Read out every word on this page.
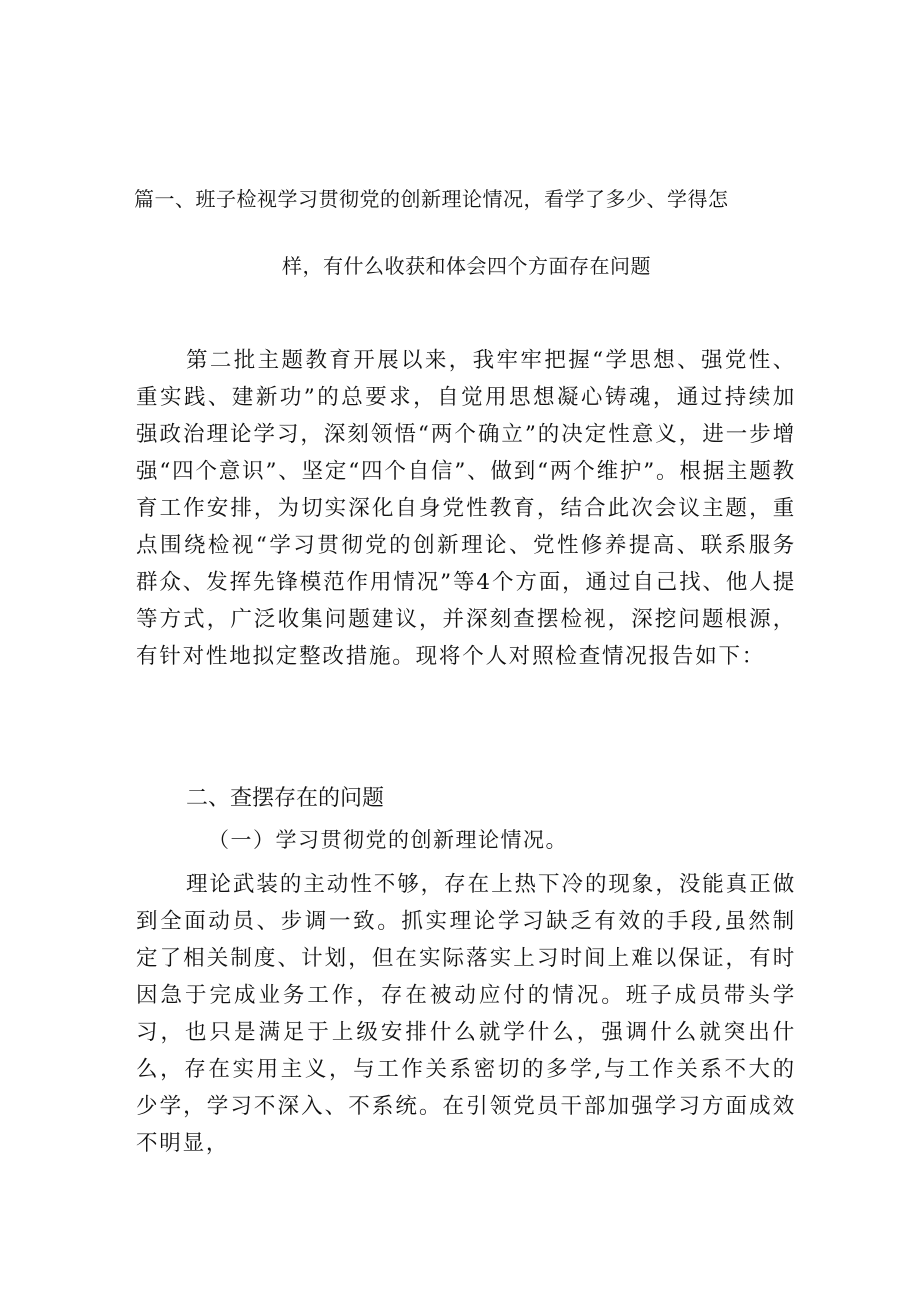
篇一、班子检视学习贯彻党的创新理论情况，看学了多少、学得怎
样，有什么收获和体会四个方面存在问题

第二批主题教育开展以来，我牢牢把握“学思想、强党性、重实践、建新功”的总要求，自觉用思想凝心铸魂，通过持续加强政治理论学习，深刻领悟“两个确立”的决定性意义，进一步增强“四个意识”、坚定“四个自信”、做到“两个维护”。根据主题教育工作安排，为切实深化自身党性教育，结合此次会议主题，重点围绕检视“学习贯彻党的创新理论、党性修养提高、联系服务群众、发挥先锋模范作用情况”等4个方面，通过自己找、他人提等方式，广泛收集问题建议，并深刻查摆检视，深挖问题根源，有针对性地拟定整改措施。现将个人对照检查情况报告如下：

二、查摆存在的问题
（一）学习贯彻党的创新理论情况。

理论武装的主动性不够，存在上热下冷的现象，没能真正做到全面动员、步调一致。抓实理论学习缺乏有效的手段,虽然制定了相关制度、计划，但在实际落实上习时间上难以保证，有时因急于完成业务工作，存在被动应付的情况。班子成员带头学习，也只是满足于上级安排什么就学什么，强调什么就突出什么，存在实用主义，与工作关系密切的多学,与工作关系不大的少学，学习不深入、不系统。在引领党员干部加强学习方面成效不明显，
